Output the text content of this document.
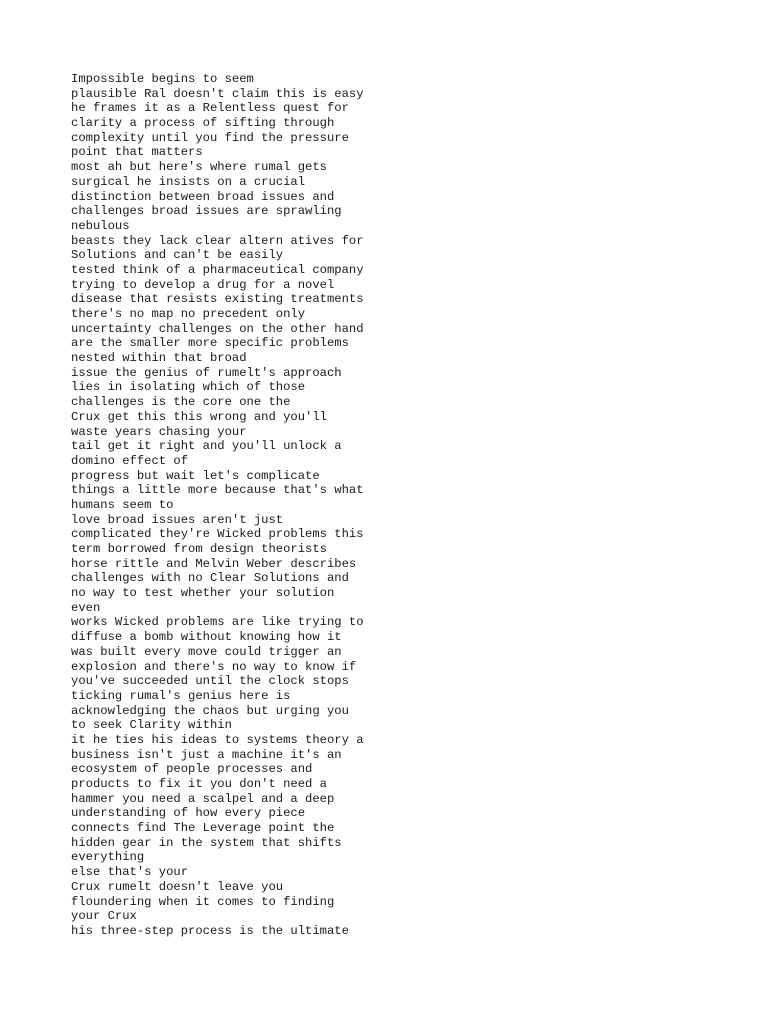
Impossible begins to seem
plausible Ral doesn't claim this is easy
he frames it as a Relentless quest for
clarity a process of sifting through
complexity until you find the pressure
point that matters
most ah but here's where rumal gets
surgical he insists on a crucial
distinction between broad issues and
challenges broad issues are sprawling
nebulous
beasts they lack clear altern atives for
Solutions and can't be easily
tested think of a pharmaceutical company
trying to develop a drug for a novel
disease that resists existing treatments
there's no map no precedent only
uncertainty challenges on the other hand
are the smaller more specific problems
nested within that broad
issue the genius of rumelt's approach
lies in isolating which of those
challenges is the core one the
Crux get this this wrong and you'll
waste years chasing your
tail get it right and you'll unlock a
domino effect of
progress but wait let's complicate
things a little more because that's what
humans seem to
love broad issues aren't just
complicated they're Wicked problems this
term borrowed from design theorists
horse rittle and Melvin Weber describes
challenges with no Clear Solutions and
no way to test whether your solution
even
works Wicked problems are like trying to
diffuse a bomb without knowing how it
was built every move could trigger an
explosion and there's no way to know if
you've succeeded until the clock stops
ticking rumal's genius here is
acknowledging the chaos but urging you
to seek Clarity within
it he ties his ideas to systems theory a
business isn't just a machine it's an
ecosystem of people processes and
products to fix it you don't need a
hammer you need a scalpel and a deep
understanding of how every piece
connects find The Leverage point the
hidden gear in the system that shifts
everything
else that's your
Crux rumelt doesn't leave you
floundering when it comes to finding
your Crux
his three-step process is the ultimate
